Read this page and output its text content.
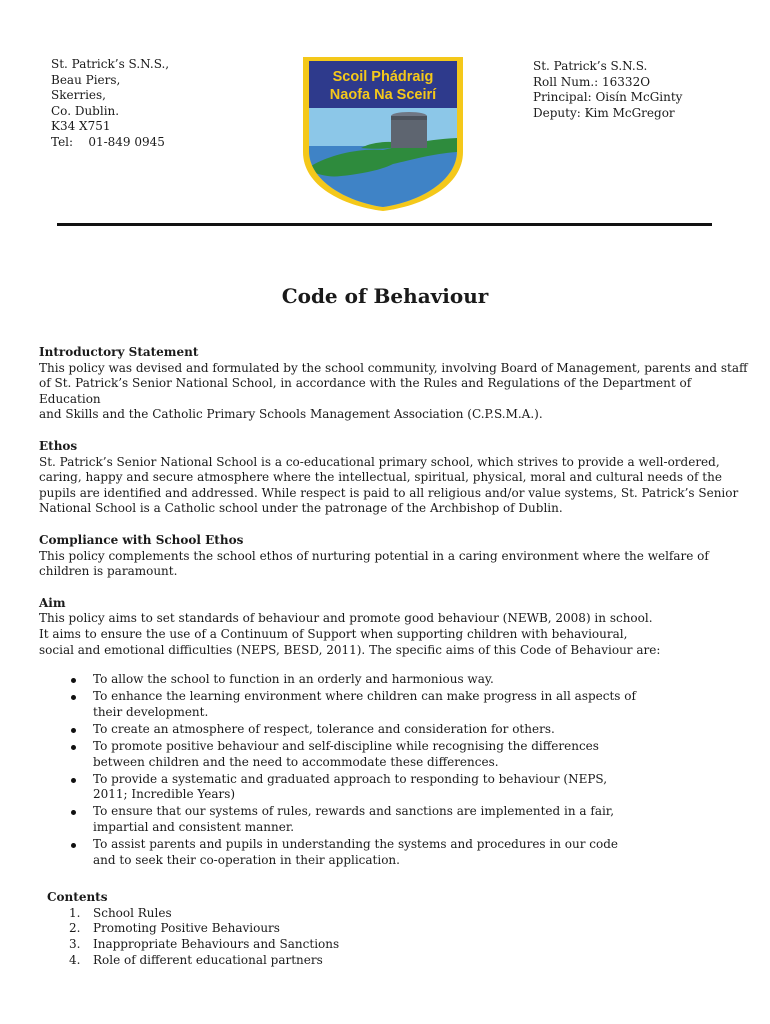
St. Patrick’s S.N.S.,
Beau Piers,
Skerries,
Co. Dublin.
K34 X751
Tel:    01-849 0945
Scoil Phádraig
Naofa Na Sceirí
St. Patrick’s S.N.S.
Roll Num.: 16332O
Principal: Oisín McGinty
Deputy: Kim McGregor
Code of Behaviour
Introductory Statement
This policy was devised and formulated by the school community, involving Board of Management, parents and staff
of St. Patrick’s Senior National School, in accordance with the Rules and Regulations of the Department of Education
and Skills and the Catholic Primary Schools Management Association (C.P.S.M.A.).
Ethos
St. Patrick’s Senior National School is a co-educational primary school, which strives to provide a well-ordered,
caring, happy and secure atmosphere where the intellectual, spiritual, physical, moral and cultural needs of the
pupils are identified and addressed. While respect is paid to all religious and/or value systems, St. Patrick’s Senior
National School is a Catholic school under the patronage of the Archbishop of Dublin.
Compliance with School Ethos
This policy complements the school ethos of nurturing potential in a caring environment where the welfare of
children is paramount.
Aim
This policy aims to set standards of behaviour and promote good behaviour (NEWB, 2008) in school.
It aims to ensure the use of a Continuum of Support when supporting children with behavioural,
social and emotional difficulties (NEPS, BESD, 2011). The specific aims of this Code of Behaviour are:
To allow the school to function in an orderly and harmonious way.
To enhance the learning environment where children can make progress in all aspects of
their development.
To create an atmosphere of respect, tolerance and consideration for others.
To promote positive behaviour and self-discipline while recognising the differences
between children and the need to accommodate these differences.
To provide a systematic and graduated approach to responding to behaviour (NEPS,
2011; Incredible Years)
To ensure that our systems of rules, rewards and sanctions are implemented in a fair,
impartial and consistent manner.
To assist parents and pupils in understanding the systems and procedures in our code
and to seek their co-operation in their application.
Contents
1. School Rules
2. Promoting Positive Behaviours
3. Inappropriate Behaviours and Sanctions
4. Role of different educational partners
